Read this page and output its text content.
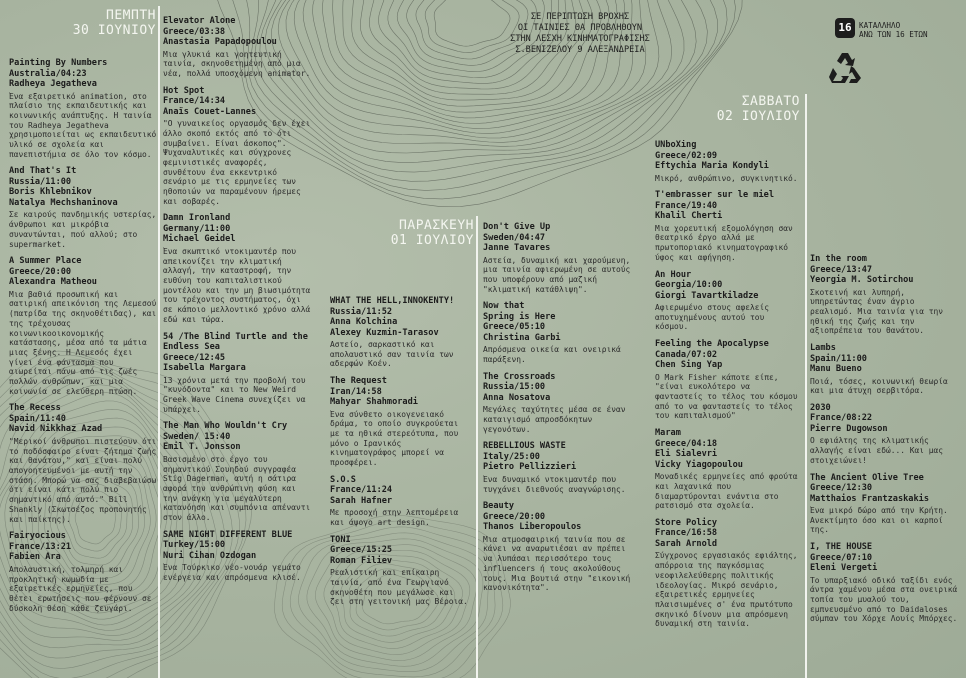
ΠΕΜΠΤΗ
30 ΙΟΥΝΙΟΥ
ΠΑΡΑΣΚΕΥΗ
01 ΙΟΥΛΙΟΥ
ΣΑΒΒΑΤΟ
02 ΙΟΥΛΙΟΥ
ΣΕ ΠΕΡΙΠΤΩΣΗ ΒΡΟΧΗΣ
ΟΙ ΤΑΙΝΙΕΣ ΘΑ ΠΡΟΒΛΗΘΟΥΝ
ΣΤΗΝ ΛΕΣΧΗ ΚΙΝΗΜΑΤΟΓΡΑΦΙΣΗΣ
Σ.ΒΕΝΙΖΕΛΟΥ 9 ΑΛΕΞΑΝΔΡΕΙΑ
16 ΚΑΤΑΛΛΗΛΟ
ΑΝΩ ΤΩΝ 16 ΕΤΩΝ
Painting By Numbers
Australia/04:23
Radheya Jegatheva
Ένα εξαιρετικό animation, στο πλαίσιο της εκπαιδευτικής και κοινωνικής ανάπτυξης. Η ταινία του Radheya Jegatheva χρησιμοποιείται ως εκπαιδευτικό υλικό σε σχολεία και πανεπιστήμια σε όλο τον κόσμο.
And That's It
Russia/11:00
Boris Khlebnikov
Natalya Mechshaninova
Σε καιρούς πανδημικής υστερίας, άνθρωποι και μικρόβια συναντώνται, πού αλλού; στο supermarket.
A Summer Place
Greece/20:00
Alexandra Matheou
Μια βαθιά προσωπική και σατιρική απεικόνιση της Λεμεσού (πατρίδα της σκηνοθέτιδας), και της τρέχουσας κοινωνικοοικονομικής κατάστασης, μέσα από τα μάτια μιας ξένης. Η Λεμεσός έχει γίνει ένα φάντασμα που αιωρείται πάνω από τις ζωές πολλών ανθρώπων, και μια κοινωνία σε ελεύθερη πτώση.
The Recess
Spain/11:40
Navid Nikkhaz Azad
"Μερικοί άνθρωποι πιστεύουν ότι το ποδόσφαιρο είναι ζήτημα ζωής και θανάτου," και είναι πολύ απογοητευμένοι με αυτή την στάση. Μπορώ να σας διαβεβαιώσω ότι είναι κάτι πολύ πιο σημαντικό από αυτό." Bill Shankly (Σκωτσέζος προπονητής και παίκτης).
Fairyocious
France/13:21
Fabien Ara
Απολαυστική, τολμηρή και προκλητική κωμωδία με εξαιρετικές ερμηνείες, που θέτει ερωτήσεις που φέρνουν σε δύσκολη θέση κάθε ζευγάρι.
Elevator Alone
Greece/03:38
Anastasia Papadopoulou
Μια γλυκιά και γοητευτική ταινία, σκηνοθετημένη από μια νέα, πολλά υποσχόμενη animator.
Hot Spot
France/14:34
Anaïs Couet-Lannes
"Ο γυναικείος οργασμός δεν έχει άλλο σκοπό εκτός από το ότι συμβαίνει. Είναι άσκοπος". Ψυχαναλυτικές και σύγχρονες φεμινιστικές αναφορές, συνθέτουν ένα εκκεντρικό σενάριο με τις ερμηνείες των ηθοποιών να παραμένουν ήρεμες και σοβαρές.
Damn Ironland
Germany/11:00
Michael Geidel
Ένα σκωπτικό ντοκιμαντέρ που απεικονίζει την κλιματική αλλαγή, την καταστροφή, την ευθύνη του καπιταλιστικού μοντέλου και την μη βιωσιμότητα του τρέχοντος συστήματος, όχι σε κάποιο μελλοντικό χρόνο αλλά εδώ και τώρα.
54 /The Blind Turtle and the Endless Sea
Greece/12:45
Isabella Margara
13 χρόνια μετά την προβολή του "κυνόδοντα" και το New Weird Greek Wave Cinema συνεχίζει να υπάρχει.
The Man Who Wouldn't Cry
Sweden/ 15:40
Emil T. Jonsson
Βασισμένο στο έργο του σημαντικού Σουηδού συγγραφέα Stig Dagerman, αυτή η σάτιρα αφορά την ανθρώπινη φύση και την ανάγκη για μεγαλύτερη κατανόηση και συμπόνια απέναντι στον άλλο.
SAME NIGHT DIFFERENT BLUE
Turkey/15:00
Nuri Cihan Ozdogan
Ένα Τούρκικο νέο-νουάρ γεμάτο ενέργεια και απρόσμενα κλισέ.
WHAT THE HELL,INNOKENTY!
Russia/11:52
Anna Kolchina
Alexey Kuzmin-Tarasov
Αστείο, σαρκαστικό και απολαυστικό σαν ταινία των αδερφών Κοέν.
The Request
Iran/14:58
Mahyar Shahmoradi
Ένα σύνθετο οικογενειακό δράμα, το οποίο συγκρούεται με τα ηθικά στερεότυπα, που μόνο ο Ιρανικός κινηματογράφος μπορεί να προσφέρει.
S.O.S
France/11:24
Sarah Hafner
Με προσοχή στην λεπτομέρεια και άψογο art design.
TONI
Greece/15:25
Roman Filiev
Ρεαλιστική και επίκαιρη ταινία, από ένα Γεωργιανό σκηνοθέτη που μεγάλωσε και ζει στη γειτονική μας Βέροια.
Don't Give Up
Sweden/04:47
Janne Tavares
Αστεία, δυναμική και χαρούμενη, μια ταινία αφιερωμένη σε αυτούς που υποφέρουν από μαζική "κλιματική κατάθλιψη".
Now that
Spring is Here
Greece/05:10
Christina Garbi
Απρόσμενα οικεία και ονειρικά παράξενη.
The Crossroads
Russia/15:00
Anna Nosatova
Μεγάλες ταχύτητες μέσα σε έναν καταιγισμό απροσδόκητων γεγονότων.
REBELLIOUS WASTE
Italy/25:00
Pietro Pellizzieri
Ένα δυναμικό ντοκιμαντέρ που τυγχάνει διεθνούς αναγνώρισης.
Beauty
Greece/20:00
Thanos Liberopoulos
Μια ατμοσφαιρική ταινία που σε κάνει να αναρωτιέσαι αν πρέπει να λυπάσαι περισσότερο τους influencers ή τους ακολούθους τους. Μια βουτιά στην "εικονική κανονικότητα".
UNboXing
Greece/02:09
Eftychia Maria Kondyli
Μικρό, ανθρώπινο, συγκινητικό.
T'embrasser sur le miel
France/19:40
Khalil Cherti
Μια χορευτική εξομολόγηση σαν θεατρικό έργο αλλά με πρωτοποριακό κινηματογραφικό ύφος και αφήγηση.
An Hour
Georgia/10:00
Giorgi Tavartkiladze
Αφιερωμένο στους αφελείς αποτυχημένους αυτού του κόσμου.
Feeling the Apocalypse
Canada/07:02
Chen Sing Yap
Ο Mark Fisher κάποτε είπε, "είναι ευκολότερο να φανταστείς το τέλος του κόσμου από το να φανταστείς το τέλος του καπιταλισμού"
Maram
Greece/04:18
Eli Sialevri
Vicky Yiagopoulou
Μοναδικές ερμηνείες από φρούτα και λαχανικά που διαμαρτύρονται ενάντια στο ρατσισμό στα σχολεία.
Store Policy
France/16:58
Sarah Arnold
Σύγχρονος εργασιακός εφιάλτης, απόρροια της παγκόσμιας νεοφιλελεύθερης πολιτικής ιδεολογίας. Μικρό σενάριο, εξαιρετικές ερμηνείες πλαισιωμένες σ' ένα πρωτότυπο σκηνικό δίνουν μια απρόσμενη δυναμική στη ταινία.
In the room
Greece/13:47
Yeorgia M. Sotirchou
Σκοτεινή και λυπηρή, υπηρετώντας έναν άγριο ρεαλισμό. Μια ταινία για την ηθική της ζωής και την αξιοπρέπεια του θανάτου.
Lambs
Spain/11:00
Manu Bueno
Ποιά, τόσες, κοινωνική θεωρία και μια άτυχη σερβιτόρα.
2030
France/08:22
Pierre Dugowson
Ο εφιάλτης της κλιματικής αλλαγής είναι εδώ... Και μας στοιχειώνει!
The Ancient Olive Tree
Greece/12:30
Matthaios Frantzaskakis
Ένα μικρό δώρο από την Κρήτη. Ανεκτίμητο όσο και οι καρποί της.
I, THE HOUSE
Greece/07:10
Eleni Vergeti
Το υπαρξιακό οδικό ταξίδι ενός άντρα χαμένου μέσα στα ονειρικά τοπία του μυαλού του, εμπνευσμένο από το Daidaloses σύμπαν του Χόρχε Λουίς Μπόρχες.
